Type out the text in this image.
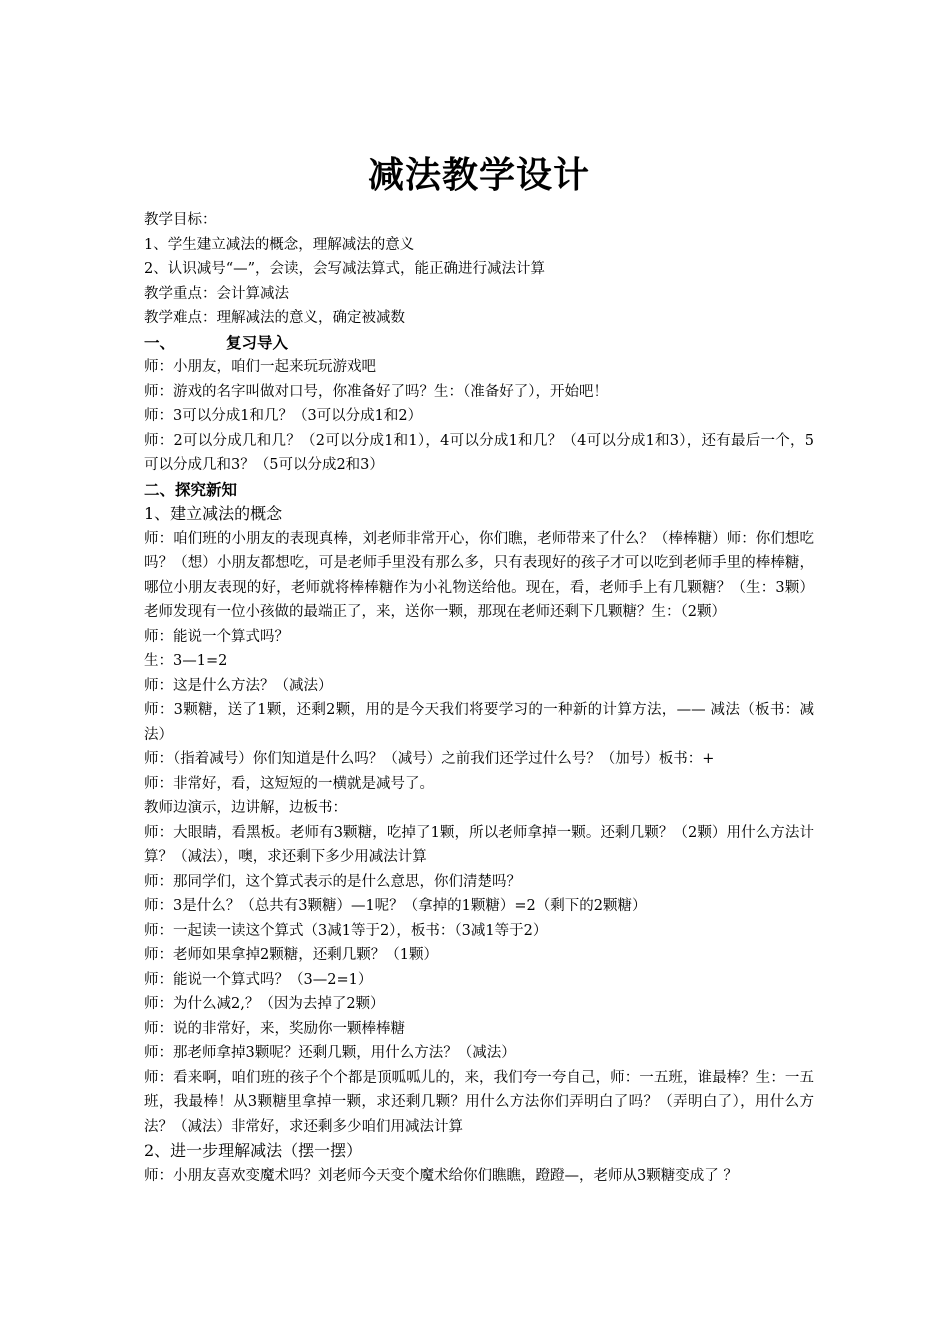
减法教学设计
教学目标：
1、学生建立减法的概念，理解减法的意义
2、认识减号“—”，会读，会写减法算式，能正确进行减法计算
教学重点：会计算减法
教学难点：理解减法的意义，确定被减数
一、	复习导入
师：小朋友，咱们一起来玩玩游戏吧
师：游戏的名字叫做对口号，你准备好了吗？生：（准备好了），开始吧！
师：3可以分成1和几？（3可以分成1和2）
师：2可以分成几和几？（2可以分成1和1），4可以分成1和几？（4可以分成1和3），还有最后一个，5可以分成几和3？（5可以分成2和3）
二、探究新知
1、建立减法的概念
师：咱们班的小朋友的表现真棒，刘老师非常开心，你们瞧，老师带来了什么？（棒棒糖）师：你们想吃吗？（想）小朋友都想吃，可是老师手里没有那么多，只有表现好的孩子才可以吃到老师手里的棒棒糖，哪位小朋友表现的好，老师就将棒棒糖作为小礼物送给他。现在，看，老师手上有几颗糖？（生：3颗）老师发现有一位小孩做的最端正了，来，送你一颗，那现在老师还剩下几颗糖？生：（2颗）
师：能说一个算式吗？
生：3—1=2
师：这是什么方法？（减法）
师：3颗糖，送了1颗，还剩2颗，用的是今天我们将要学习的一种新的计算方法，—— 减法（板书：减法）
师：（指着减号）你们知道是什么吗？（减号）之前我们还学过什么号？（加号）板书：+
师：非常好，看，这短短的一横就是减号了。
教师边演示，边讲解，边板书：
师：大眼睛，看黑板。老师有3颗糖，吃掉了1颗，所以老师拿掉一颗。还剩几颗？（2颗）用什么方法计算？（减法），噢，求还剩下多少用减法计算
师：那同学们，这个算式表示的是什么意思，你们清楚吗？
师：3是什么？（总共有3颗糖）—1呢？（拿掉的1颗糖）=2（剩下的2颗糖）
师：一起读一读这个算式（3减1等于2），板书：（3减1等于2）
师：老师如果拿掉2颗糖，还剩几颗？（1颗）
师：能说一个算式吗？（3—2=1）
师：为什么减2,？（因为去掉了2颗）
师：说的非常好，来，奖励你一颗棒棒糖
师：那老师拿掉3颗呢？还剩几颗，用什么方法？（减法）
师：看来啊，咱们班的孩子个个都是顶呱呱儿的，来，我们夸一夸自己，师：一五班，谁最棒？生：一五班，我最棒！从3颗糖里拿掉一颗，求还剩几颗？用什么方法你们弄明白了吗？（弄明白了），用什么方法？（减法）非常好，求还剩多少咱们用减法计算
2、进一步理解减法（摆一摆）
师：小朋友喜欢变魔术吗？刘老师今天变个魔术给你们瞧瞧，蹬蹬—，老师从3颗糖变成了 ？
